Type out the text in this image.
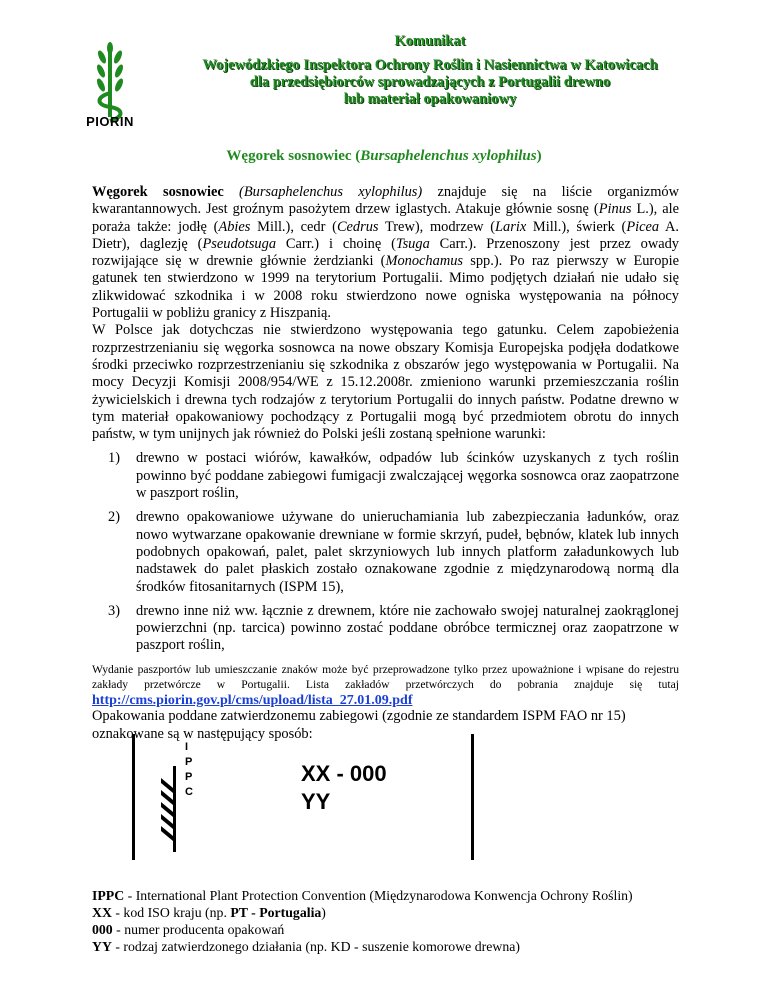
PIORIN
Komunikat
Wojewódzkiego Inspektora Ochrony Roślin i Nasiennictwa w Katowicach
dla przedsiębiorców sprowadzających z Portugalii drewno
lub materiał opakowaniowy
Węgorek sosnowiec (Bursaphelenchus xylophilus)

Węgorek sosnowiec (Bursaphelenchus xylophilus) znajduje się na liście organizmów kwarantannowych. Jest groźnym pasożytem drzew iglastych. Atakuje głównie sosnę (Pinus L.), ale poraża także: jodłę (Abies Mill.), cedr (Cedrus Trew), modrzew (Larix Mill.), świerk (Picea A. Dietr), daglezję (Pseudotsuga Carr.) i choinę (Tsuga Carr.). Przenoszony jest przez owady rozwijające się w drewnie głównie żerdzianki (Monochamus spp.). Po raz pierwszy w Europie gatunek ten stwierdzono w 1999 na terytorium Portugalii. Mimo podjętych działań nie udało się zlikwidować szkodnika i w 2008 roku stwierdzono nowe ogniska występowania na północy Portugalii w pobliżu granicy z Hiszpanią.

W Polsce jak dotychczas nie stwierdzono występowania tego gatunku. Celem zapobieżenia rozprzestrzenianiu się węgorka sosnowca na nowe obszary Komisja Europejska podjęła dodatkowe środki przeciwko rozprzestrzenianiu się szkodnika z obszarów jego występowania w Portugalii. Na mocy Decyzji Komisji 2008/954/WE z 15.12.2008r. zmieniono warunki przemieszczania roślin żywicielskich i drewna tych rodzajów z terytorium Portugalii do innych państw. Podatne drewno w tym materiał opakowaniowy pochodzący z Portugalii mogą być przedmiotem obrotu do innych państw, w tym unijnych jak również do Polski jeśli zostaną spełnione warunki:

1) drewno w postaci wiórów, kawałków, odpadów lub ścinków uzyskanych z tych roślin powinno być poddane zabiegowi fumigacji zwalczającej węgorka sosnowca oraz zaopatrzone w paszport roślin,
2) drewno opakowaniowe używane do unieruchamiania lub zabezpieczania ładunków, oraz nowo wytwarzane opakowanie drewniane w formie skrzyń, pudeł, bębnów, klatek lub innych podobnych opakowań, palet, palet skrzyniowych lub innych platform załadunkowych lub nadstawek do palet płaskich zostało oznakowane zgodnie z międzynarodową normą dla środków fitosanitarnych (ISPM 15),
3) drewno inne niż ww. łącznie z drewnem, które nie zachowało swojej naturalnej zaokrąglonej powierzchni (np. tarcica) powinno zostać poddane obróbce termicznej oraz zaopatrzone w paszport roślin,

Wydanie paszportów lub umieszczanie znaków może być przeprowadzone tylko przez upoważnione i wpisane do rejestru zakłady przetwórcze w Portugalii. Lista zakładów przetwórczych do pobrania znajduje się tutaj http://cms.piorin.gov.pl/cms/upload/lista_27.01.09.pdf

Opakowania poddane zatwierdzonemu zabiegowi (zgodnie ze standardem ISPM FAO nr 15) oznakowane są w następujący sposób:

I
P
P
C
XX - 000
YY
IPPC - International Plant Protection Convention (Międzynarodowa Konwencja Ochrony Roślin)
XX - kod ISO kraju (np. PT - Portugalia)
000 - numer producenta opakowań
YY - rodzaj zatwierdzonego działania (np. KD - suszenie komorowe drewna)
